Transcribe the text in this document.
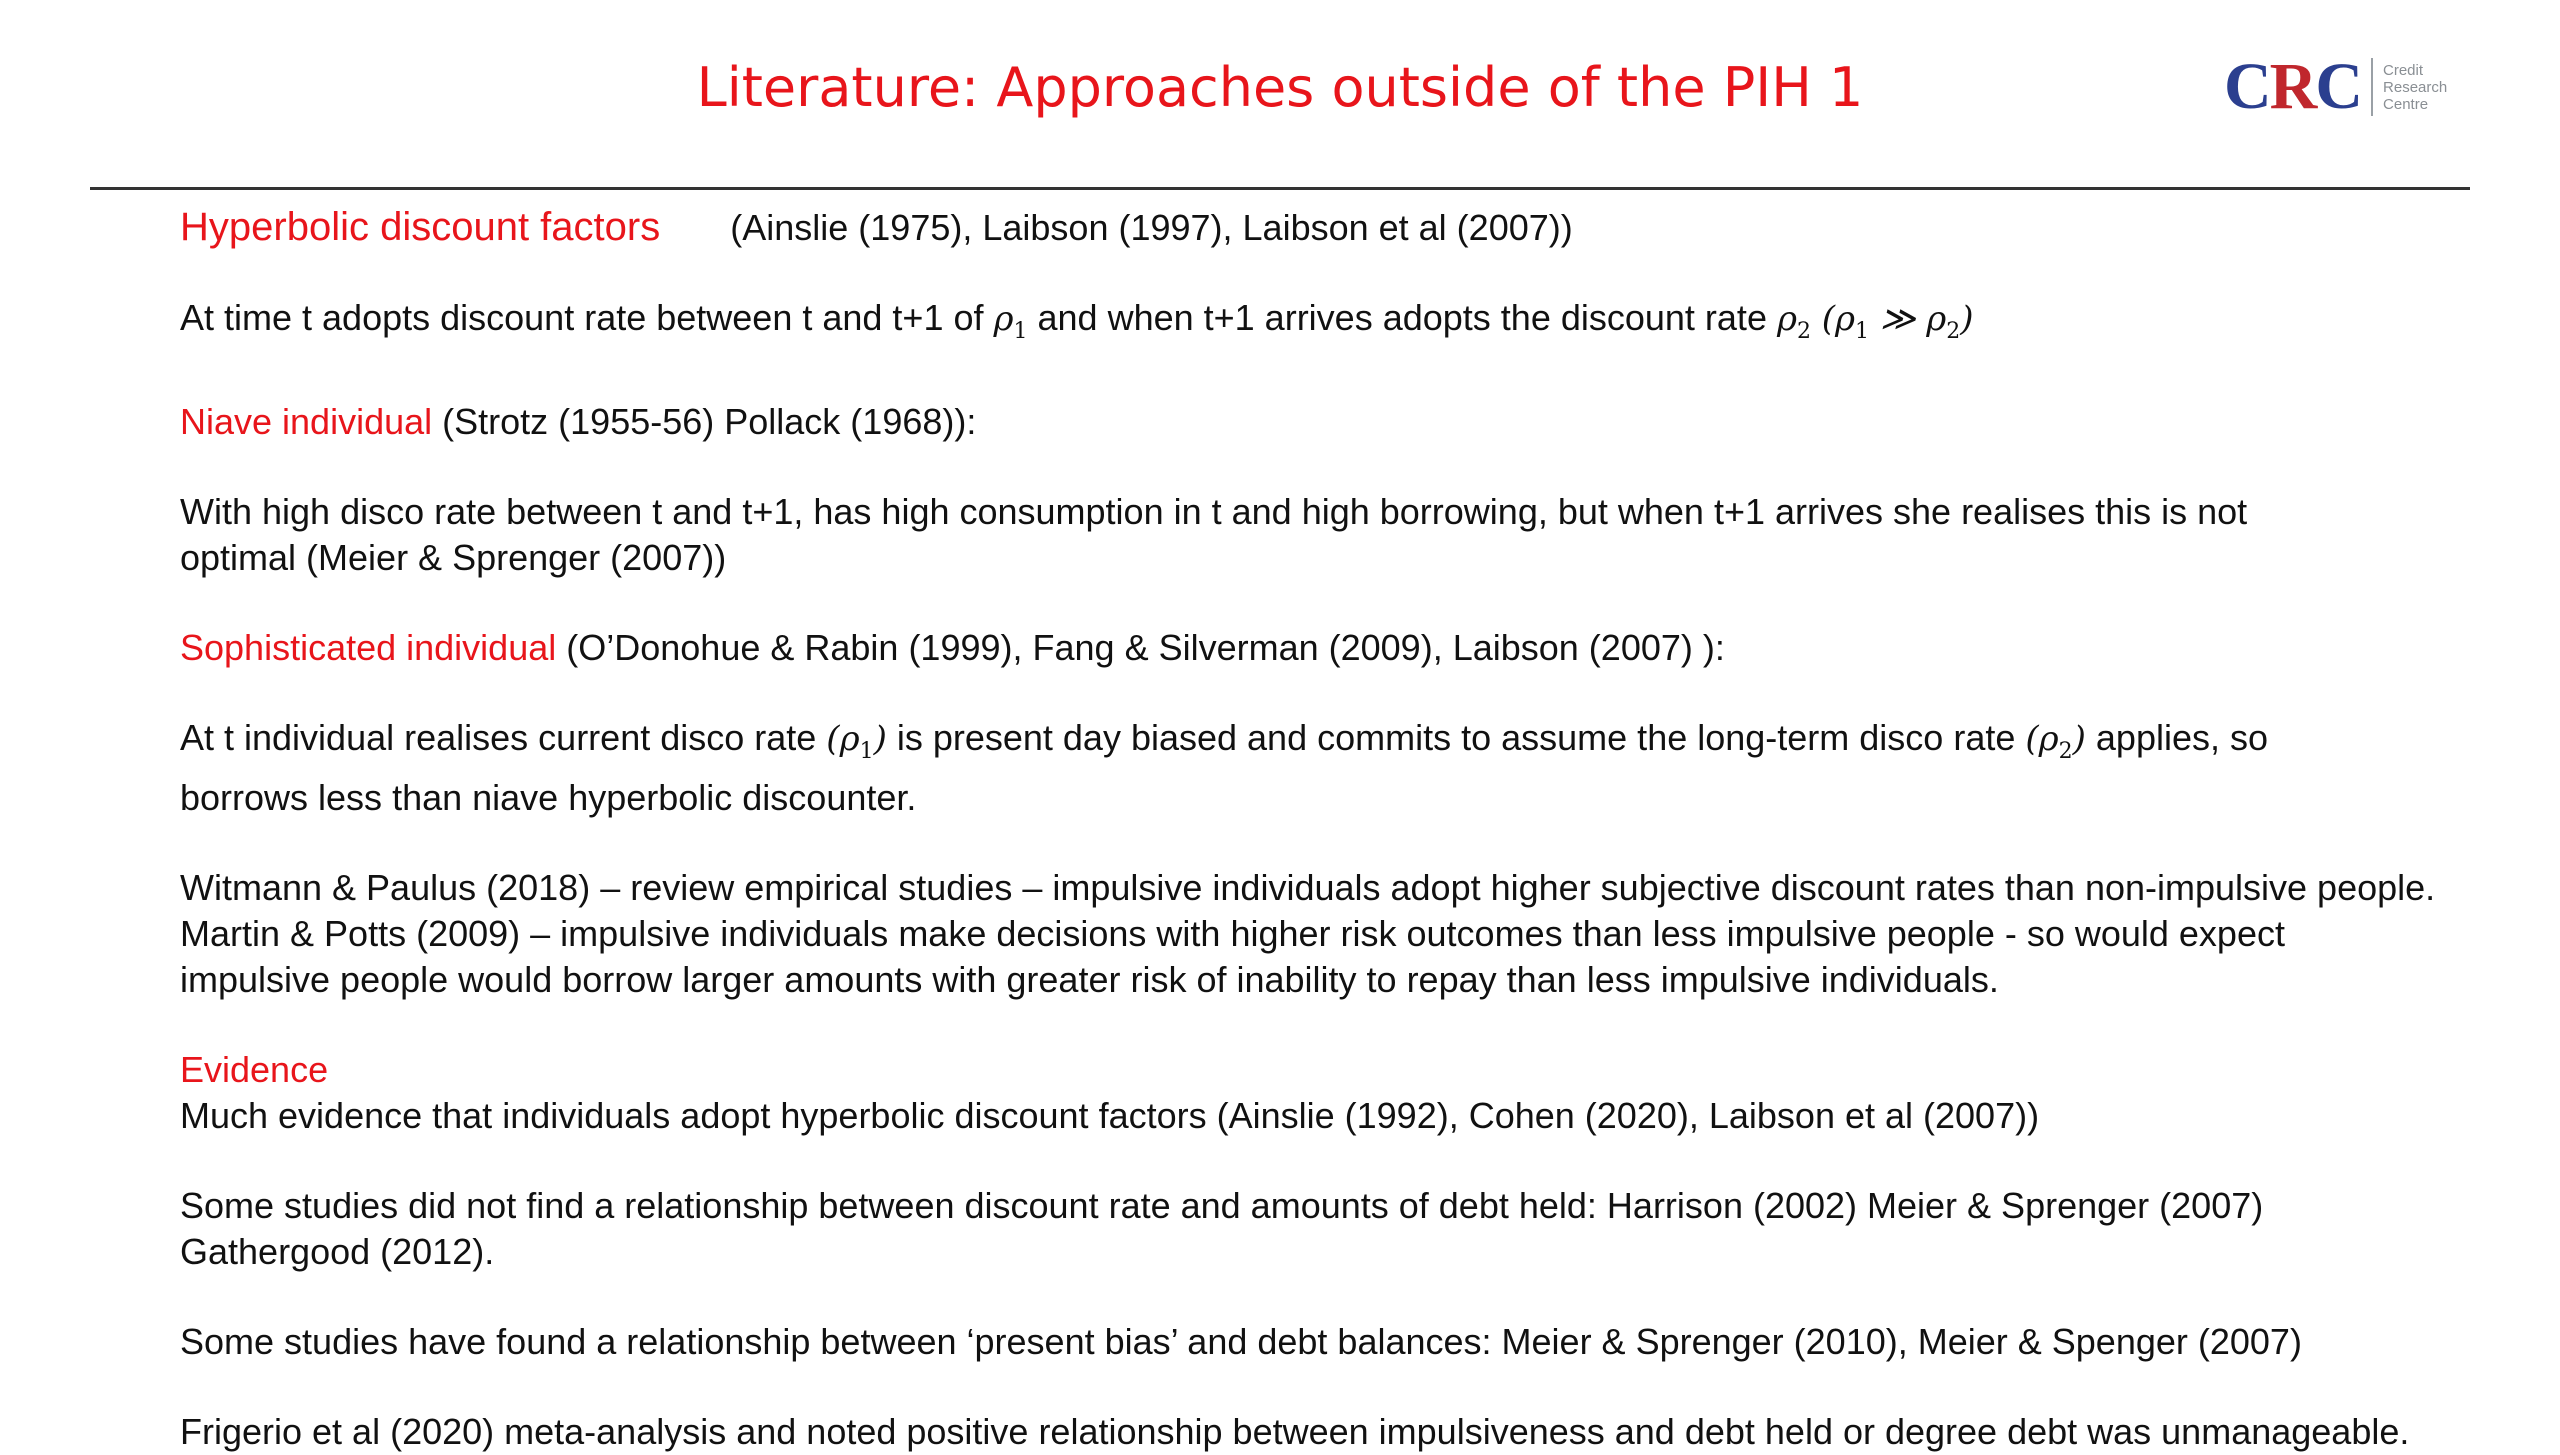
Literature: Approaches outside of the PIH 1	CRC Credit
Research
Centre

Hyperbolic discount factors (Ainslie (1975), Laibson (1997), Laibson et al (2007))

At time t adopts discount rate between t and t+1 of $\rho_1$ and when t+1 arrives adopts the discount rate $\rho_2$ ($\rho_1$ ≫ $\rho_2$)

Niave individual (Strotz (1955-56) Pollack (1968)):

With high disco rate between t and t+1, has high consumption in t and high borrowing, but when t+1 arrives she realises this is not

optimal (Meier & Sprenger (2007))

Sophisticated individual (O’Donohue & Rabin (1999), Fang & Silverman (2009), Laibson (2007) ):

At t individual realises current disco rate $(\rho_1)$ is present day biased and commits to assume the long-term disco rate $(\rho_2)$ applies, so

borrows less than niave hyperbolic discounter.

Witmann & Paulus (2018) – review empirical studies – impulsive individuals adopt higher subjective discount rates than non-impulsive people.

Martin & Potts (2009) – impulsive individuals make decisions with higher risk outcomes than less impulsive people - so would expect

impulsive people would borrow larger amounts with greater risk of inability to repay than less impulsive individuals.

Evidence

Much evidence that individuals adopt hyperbolic discount factors (Ainslie (1992), Cohen (2020), Laibson et al (2007))

Some studies did not find a relationship between discount rate and amounts of debt held: Harrison (2002) Meier & Sprenger (2007)

Gathergood (2012).

Some studies have found a relationship between ‘present bias’ and debt balances: Meier & Sprenger (2010), Meier & Spenger (2007)

Frigerio et al (2020) meta-analysis and noted positive relationship between impulsiveness and debt held or degree debt was unmanageable.
